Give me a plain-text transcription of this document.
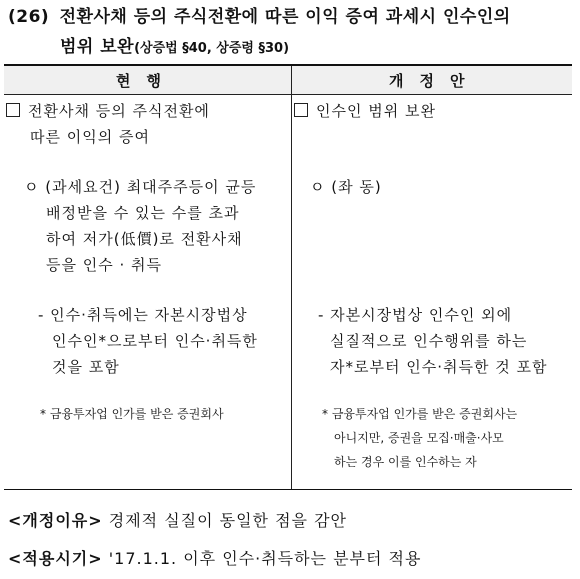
(26) 전환사채 등의 주식전환에 따른 이익 증여 과세시 인수인의
범위 보완(상증법 §40, 상증령 §30)
현행	개정안
전환사채 등의 주식전환에
따른 이익의 증여
ㅇ (과세요건) 최대주주등이 균등
배정받을 수 있는 수를 초과
하여 저가(低價)로 전환사채
등을 인수 · 취득
- 인수·취득에는 자본시장법상
인수인*으로부터 인수·취득한
것을 포함
* 금융투자업 인가를 받은 증권회사
인수인 범위 보완
ㅇ (좌 동)
- 자본시장법상 인수인 외에
실질적으로 인수행위를 하는
자*로부터 인수·취득한 것 포함
* 금융투자업 인가를 받은 증권회사는
아니지만, 증권을 모집·매출·사모
하는 경우 이를 인수하는 자
<개정이유> 경제적 실질이 동일한 점을 감안
<적용시기> '17.1.1. 이후 인수·취득하는 분부터 적용
